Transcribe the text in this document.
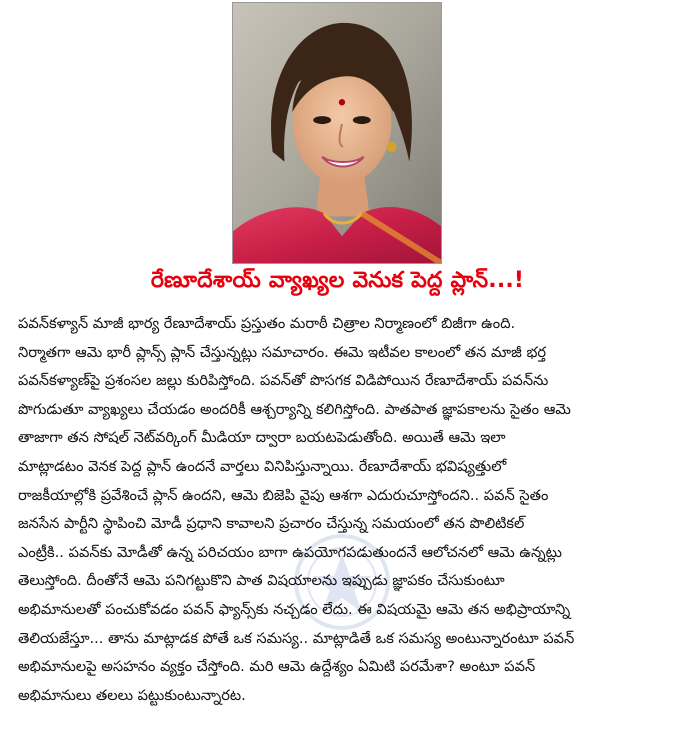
రేణూదేశాయ్ వ్యాఖ్యల వెనుక పెద్ద ప్లాన్...!
పవన్‌కళ్యాన్ మాజీ భార్య రేణూదేశాయ్ ప్రస్తుతం మరాఠీ చిత్రాల నిర్మాణంలో బిజీగా ఉంది.
నిర్మాతగా ఆమె భారీ ప్లాన్స్ ప్లాన్ చేస్తున్నట్లు సమాచారం. ఈమె ఇటీవల కాలంలో తన మాజీ భర్త
పవన్‌కళ్యాణ్‌పై ప్రశంసల జల్లు కురిపిస్తోంది. పవన్‌తో పొసగక విడిపోయిన రేణూదేశాయ్ పవన్‌ను
పొగుడుతూ వ్యాఖ్యలు చేయడం అందరికీ ఆశ్చర్యాన్ని కలిగిస్తోంది. పాతపాత జ్ఞాపకాలను సైతం ఆమె
తాజాగా తన సోషల్ నెట్‌వర్కింగ్ మీడియా ద్వారా బయటపెడుతోంది. అయితే ఆమె ఇలా
మాట్లాడటం వెనక పెద్ద ప్లాన్ ఉందనే వార్తలు వినిపిస్తున్నాయి. రేణూదేశాయ్ భవిష్యత్తులో
రాజకీయాల్లోకి ప్రవేశించే ప్లాన్ ఉందని, ఆమె బిజెపి వైపు ఆశగా ఎదురుచూస్తోందని.. పవన్ సైతం
జనసేన పార్టీని స్థాపించి మోడీ ప్రధాని కావాలని ప్రచారం చేస్తున్న సమయంలో తన పొలిటికల్
ఎంట్రీకి.. పవన్‌కు మోడీతో ఉన్న పరిచయం బాగా ఉపయోగపడుతుందనే ఆలోచనలో ఆమె ఉన్నట్లు
తెలుస్తోంది. దీంతోనే ఆమె పనిగట్టుకొని పాత విషయాలను ఇప్పుడు జ్ఞాపకం చేసుకుంటూ
అభిమానులతో పంచుకోవడం పవన్ ఫ్యాన్స్‌కు నచ్చడం లేదు. ఈ విషయమై ఆమె తన అభిప్రాయాన్ని
తెలియజేస్తూ... తాను మాట్లాడక పోతే ఒక సమస్య.. మాట్లాడితే ఒక సమస్య అంటున్నారంటూ పవన్
అభిమానులపై అసహనం వ్యక్తం చేస్తోంది. మరి ఆమె ఉద్దేశ్యం ఏమిటి పరమేశా? అంటూ పవన్
అభిమానులు తలలు పట్టుకుంటున్నారట.
